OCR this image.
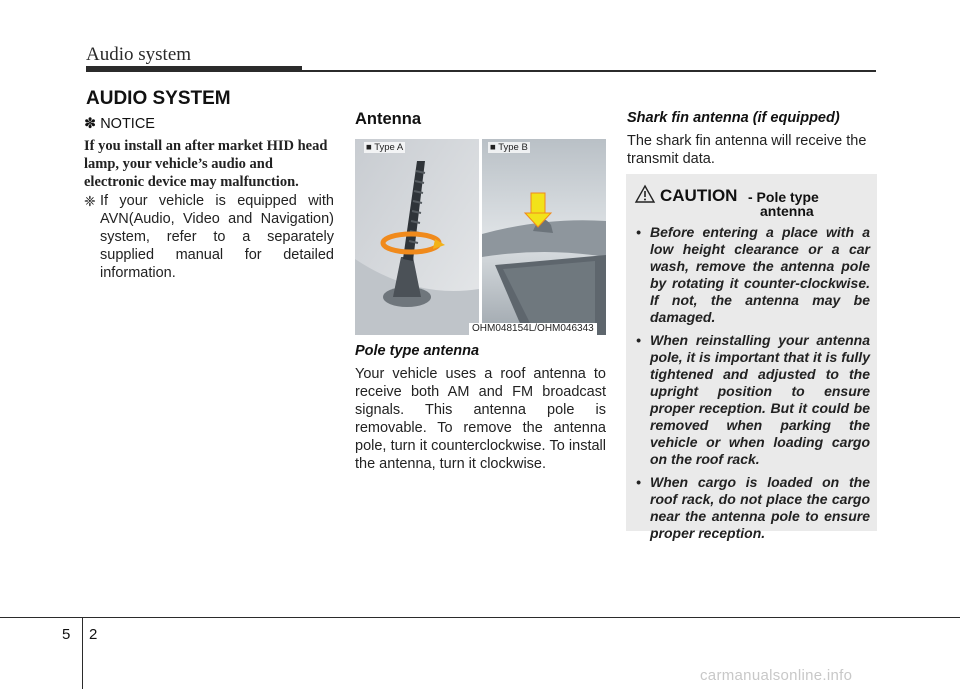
Audio system
AUDIO SYSTEM
✽ NOTICE
If you install an after market HID head lamp, your vehicle’s audio and electronic device may malfunction.
❈ If your vehicle is equipped with AVN(Audio, Video and Navigation) system, refer to a separately supplied manual for detailed information.
Antenna
■ Type A	■ Type B
OHM048154L/OHM046343
Pole type antenna
Your vehicle uses a roof antenna to receive both AM and FM broadcast signals. This antenna pole is removable. To remove the antenna pole, turn it counterclockwise. To install the antenna, turn it clockwise.
Shark fin antenna (if equipped)
The shark fin antenna will receive the transmit data.
CAUTION - Pole type
antenna
• Before entering a place with a low height clearance or a car wash, remove the antenna pole by rotating it counter-clockwise. If not, the antenna may be damaged.
• When reinstalling your antenna pole, it is important that it is fully tightened and adjusted to the upright position to ensure proper reception. But it could be removed when parking the vehicle or when loading cargo on the roof rack.
• When cargo is loaded on the roof rack, do not place the cargo near the antenna pole to ensure proper reception.
5 2
carmanualsonline.info
